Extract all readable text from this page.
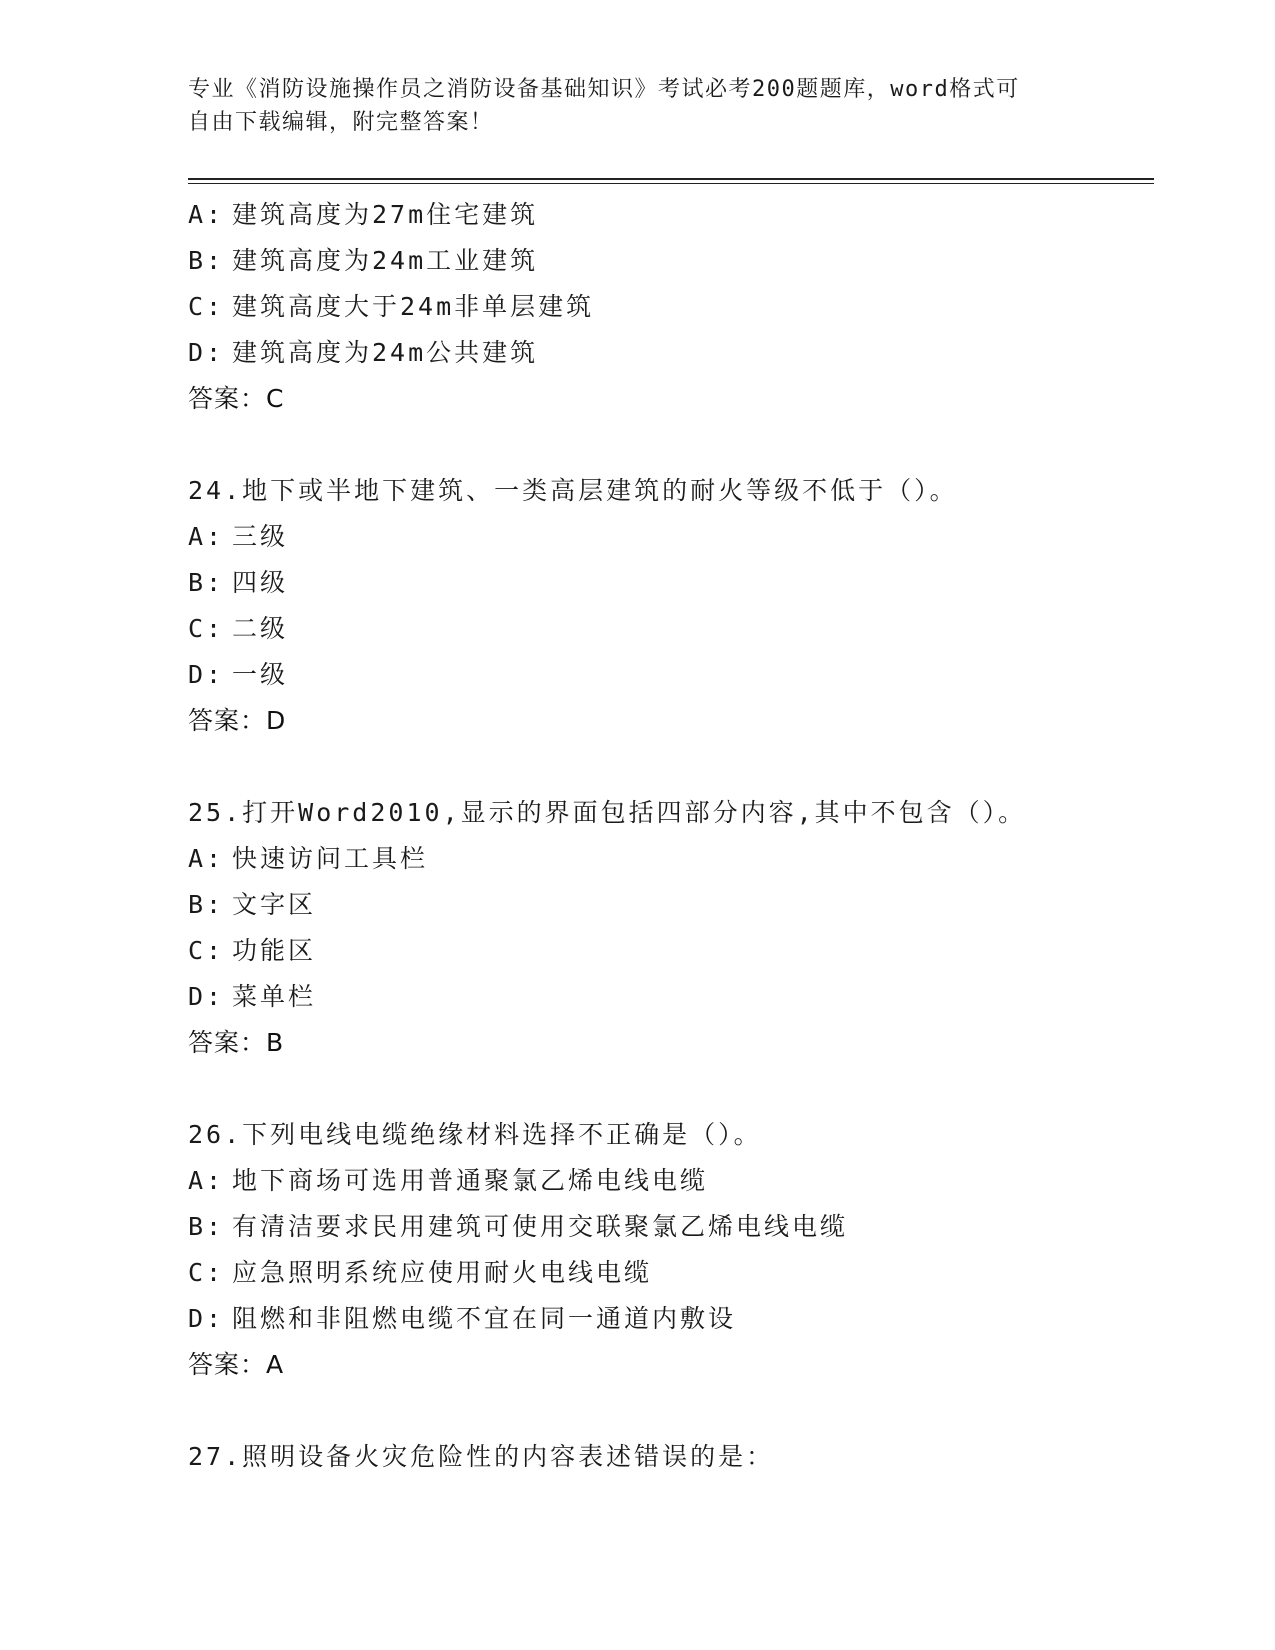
专业《消防设施操作员之消防设备基础知识》考试必考200题题库，word格式可
自由下载编辑，附完整答案！
A: 建筑高度为27m住宅建筑
B: 建筑高度为24m工业建筑
C: 建筑高度大于24m非单层建筑
D: 建筑高度为24m公共建筑
答案：C
24.地下或半地下建筑、一类高层建筑的耐火等级不低于（）。
A: 三级
B: 四级
C: 二级
D: 一级
答案：D
25.打开Word2010,显示的界面包括四部分内容,其中不包含（）。
A: 快速访问工具栏
B: 文字区
C: 功能区
D: 菜单栏
答案：B
26.下列电线电缆绝缘材料选择不正确是（）。
A: 地下商场可选用普通聚氯乙烯电线电缆
B: 有清洁要求民用建筑可使用交联聚氯乙烯电线电缆
C: 应急照明系统应使用耐火电线电缆
D: 阻燃和非阻燃电缆不宜在同一通道内敷设
答案：A
27.照明设备火灾危险性的内容表述错误的是：
